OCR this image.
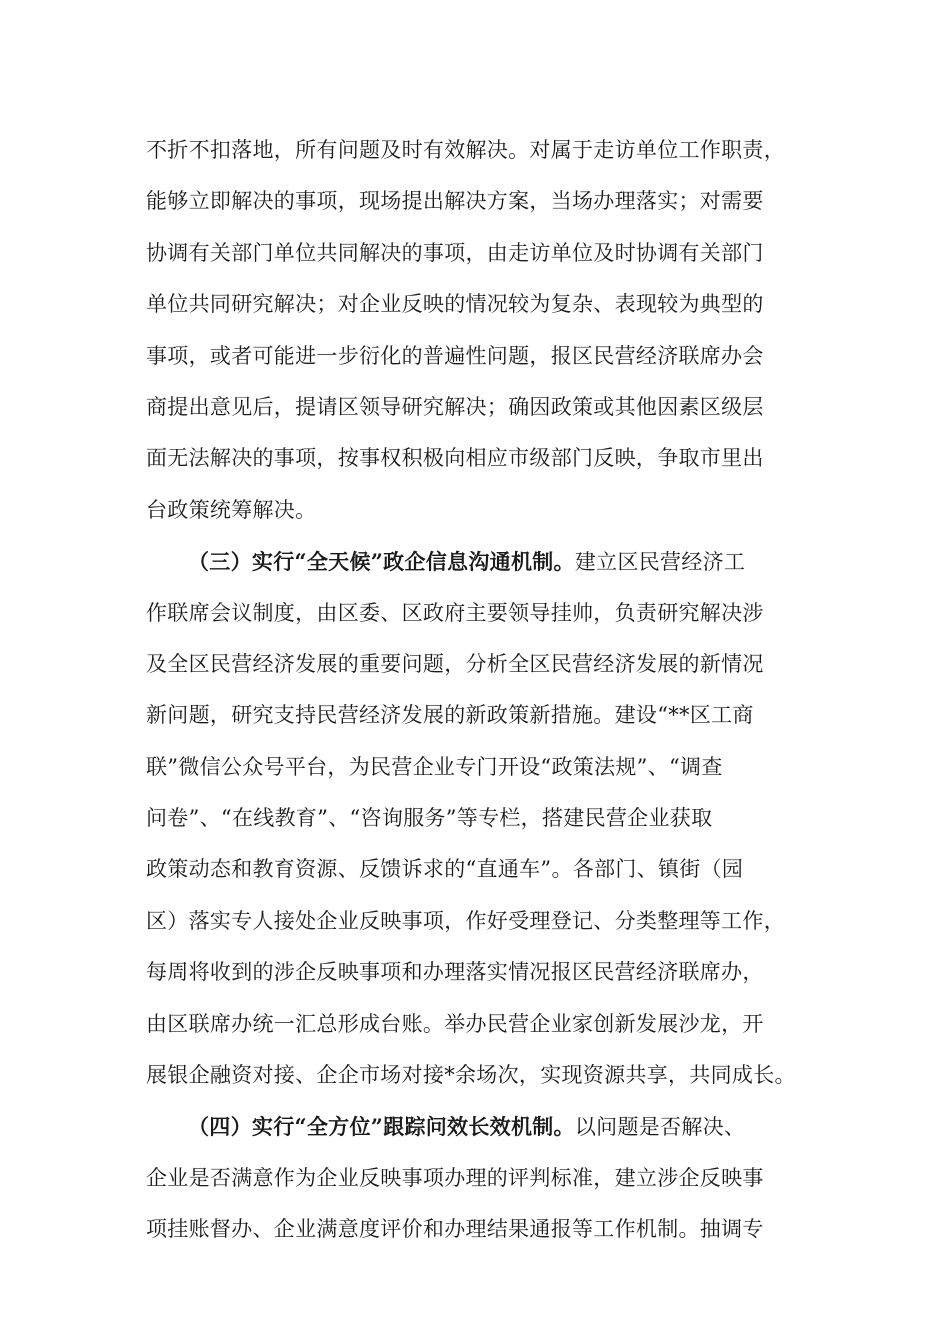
不折不扣落地，所有问题及时有效解决。对属于走访单位工作职责，
能够立即解决的事项，现场提出解决方案，当场办理落实；对需要
协调有关部门单位共同解决的事项，由走访单位及时协调有关部门
单位共同研究解决；对企业反映的情况较为复杂、表现较为典型的
事项，或者可能进一步衍化的普遍性问题，报区民营经济联席办会
商提出意见后，提请区领导研究解决；确因政策或其他因素区级层
面无法解决的事项，按事权积极向相应市级部门反映，争取市里出
台政策统筹解决。
（三）实行“全天候”政企信息沟通机制。建立区民营经济工
作联席会议制度，由区委、区政府主要领导挂帅，负责研究解决涉
及全区民营经济发展的重要问题，分析全区民营经济发展的新情况
新问题，研究支持民营经济发展的新政策新措施。建设“**区工商
联”微信公众号平台，为民营企业专门开设“政策法规”、“调查
问卷”、“在线教育”、“咨询服务”等专栏，搭建民营企业获取
政策动态和教育资源、反馈诉求的“直通车”。各部门、镇街（园
区）落实专人接处企业反映事项，作好受理登记、分类整理等工作，
每周将收到的涉企反映事项和办理落实情况报区民营经济联席办，
由区联席办统一汇总形成台账。举办民营企业家创新发展沙龙，开
展银企融资对接、企企市场对接*余场次，实现资源共享，共同成长。
（四）实行“全方位”跟踪问效长效机制。以问题是否解决、
企业是否满意作为企业反映事项办理的评判标准，建立涉企反映事
项挂账督办、企业满意度评价和办理结果通报等工作机制。抽调专
